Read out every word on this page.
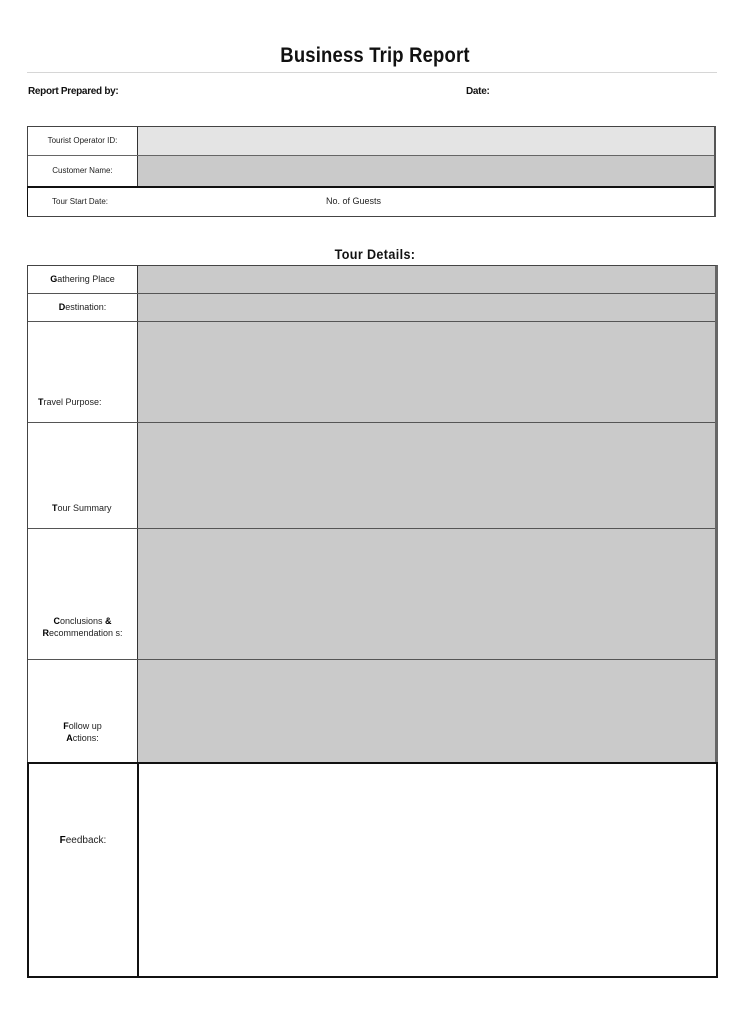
Business Trip Report
Report Prepared by:	Date:
Tourist Operator ID:
Customer Name:
Tour Start Date:	No. of Guests
Tour Details:
Gathering Place
Destination:
Travel Purpose:
Tour Summary
Conclusions &
Recommendation s:
Follow up
Actions:
Feedback:
